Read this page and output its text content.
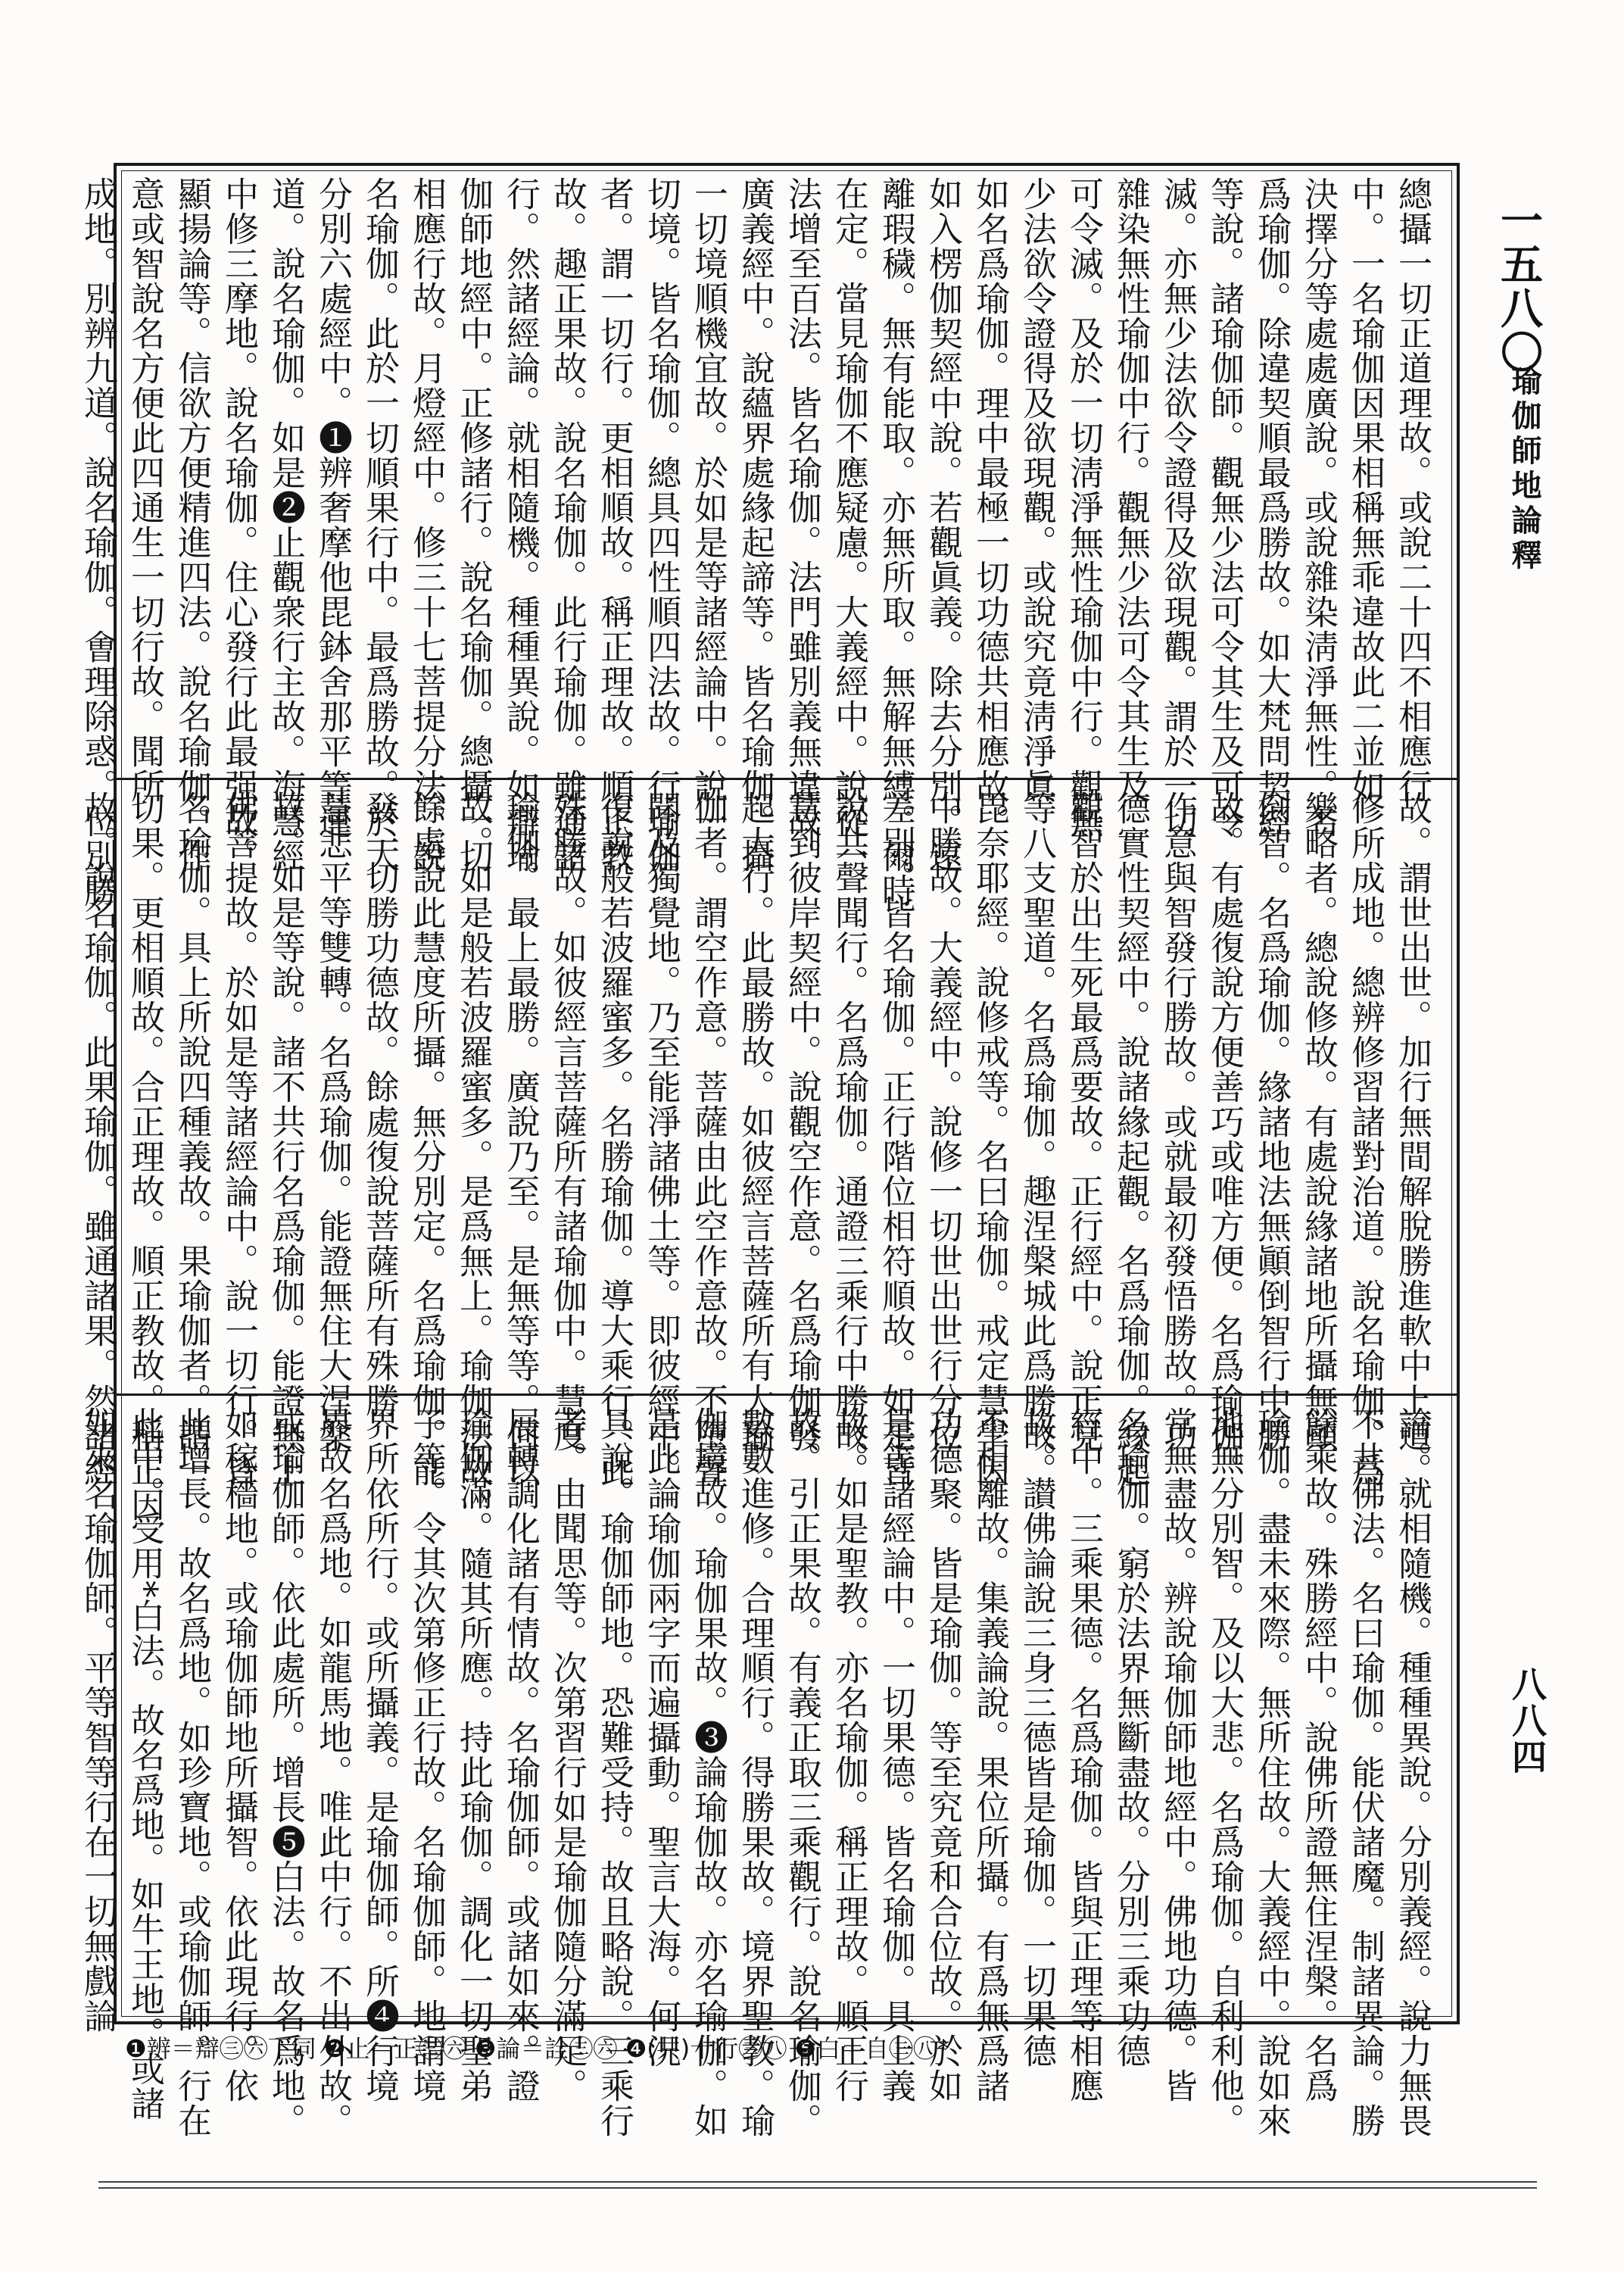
一五八〇
瑜伽師地論釋
八八四
總攝一切正道理故。或說二十四不相應行
中。一名瑜伽因果相稱無乖違故此二並如
決擇分等處處廣說。或說雜染淸淨無性。名
爲瑜伽。除違契順最爲勝故。如大梵問契經
等說。諸瑜伽師。觀無少法可令其生及可令
滅。亦無少法欲令證得及欲現觀。謂於一切
雜染無性瑜伽中行。觀無少法可令其生及
可令滅。及於一切淸淨無性瑜伽中行。觀無
少法欲令證得及欲現觀。或說究竟淸淨眞
如名爲瑜伽。理中最極一切功德共相應故。
如入楞伽契經中說。若觀眞義。除去分別。遠
離瑕穢。無有能取。亦無所取。無解無縛。爾時
在定。當見瑜伽不應疑慮。大義經中。說從一
法增至百法。皆名瑜伽。法門雖別義無違故。
廣義經中。說蘊界處緣起諦等。皆名瑜伽。攝
一切境順機宜故。於如是等諸經論中。說一
切境。皆名瑜伽。總具四性順四法故。行瑜伽
者。謂一切行。更相順故。稱正理故。順正教
故。趣正果故。說名瑜伽。此行瑜伽。雖通諸
行。然諸經論。就相隨機。種種異說。如辯瑜
伽師地經中。正修諸行。說名瑜伽。總攝一切
相應行故。月燈經中。修三十七菩提分法。說
名瑜伽。此於一切順果行中。最爲勝故。於大
分別六處經中。❶辨奢摩他毘鉢舍那平等運
道。說名瑜伽。如是❷止觀衆行主故。海慧經
中修三摩地。說名瑜伽。住心發行此最强故。
顯揚論等。信欲方便精進四法。說名瑜伽。作
意或智說名方便此四通生一切行故。聞所
成地。別辨九道。說名瑜伽。㑹理除惑。位別勝
故。謂世出世。加行無間解脫勝進軟中上道。
修所成地。總辨修習諸對治道。說名瑜伽。爲
樂略者。總說修故。有處說緣諸地所攝無顚
倒智。名爲瑜伽。緣諸地法無顚倒智行中勝
故。有處復說方便善巧或唯方便。名爲瑜伽。
作意與智發行勝故。或就最初發悟勝故。功
德實性契經中。說諸緣起觀。名爲瑜伽。緣起
觀智於出生死最爲要故。正行經中。說正見
等八支聖道。名爲瑜伽。趣涅槃城此爲勝故。
毘奈耶經。說修戒等。名曰瑜伽。戒定慧學因
中勝故。大義經中。說修一切世出世行分位
差別。皆名瑜伽。正行階位相符順故。如是皆
說共聲聞行。名爲瑜伽。通證三乘行中勝故。
慧到彼岸契經中。說觀空作意。名爲瑜伽發
起大行。此最勝故。如彼經言菩薩所有大瑜
伽者。謂空作意。菩薩由此空作意故。不墮聲
聞及獨覺地。乃至能淨諸佛土等。即彼經中。
復說般若波羅蜜多。名勝瑜伽。導大乘行。此
殊勝故。如彼經言菩薩所有諸瑜伽中。慧度
瑜伽。最上最勝。廣說乃至。是無等等。何以
故。如是般若波羅蜜多。是爲無上。瑜伽法故。
餘處說此慧度所攝。無分別定。名爲瑜伽。能
發一切勝功德故。餘處復說菩薩所有殊勝
慧悲平等雙轉。名爲瑜伽。能證無住大涅槃
故。如是等說。諸不共行名爲瑜伽。能證無上
佛菩提故。於如是等諸經論中。說一切行。皆
名瑜伽。具上所說四種義故。果瑜伽者。謂一
切果。更相順故。合正理故。順正教故。稱正因
故。說名瑜伽。此果瑜伽。雖通諸果。然諸經
論。就相隨機。種種異說。分別義經。說力無畏
不共佛法。名曰瑜伽。能伏諸魔。制諸異論。勝
餘乘故。殊勝經中。說佛所證無住涅槃。名爲
瑜伽。盡未來際。無所住故。大義經中。說如來
地無分別智。及以大悲。名爲瑜伽。自利利他。
常無盡故。辨說瑜伽師地經中。佛地功德。皆
名瑜伽。窮於法界無斷盡故。分別三乘功德
經中。三乘果德。名爲瑜伽。皆與正理等相應
故。讃佛論說三身三德皆是瑜伽。一切果德
不相離故。集義論說。果位所攝。有爲無爲諸
功德聚。皆是瑜伽。等至究竟和合位故。於如
是等諸經論中。一切果德。皆名瑜伽。具上義
故。如是聖教。亦名瑜伽。稱正理故。順正行
故。引正果故。有義正取三乘觀行。說名瑜伽。
數數進修。合理順行。得勝果故。境界聖教。瑜
伽境故。瑜伽果故。❸論瑜伽故。亦名瑜伽。如
是此論瑜伽兩字而遍攝動。聖言大海。何況
具說。瑜伽師地。恐難受持。故且略說。三乘行
者。由聞思等。次第習行如是瑜伽隨分滿足。
展轉調化諸有情故。名瑜伽師。或諸如來。證
瑜伽滿。隨其所應。持此瑜伽。調化一切聖弟
子等。令其次第修正行故。名瑜伽師。地謂境
界所依所行。或所攝義。是瑜伽師。所❹行境
界故名爲地。如龍馬地。唯此中行。不出外故。
或瑜伽師。依此處所。增長❺白法。故名爲地。
如稼穡地。或瑜伽師地所攝智。依此現行。依
此增長。故名爲地。如珍寶地。或瑜伽師。行在
此中。受用*白法。故名爲地。如牛王地。或諸
如來名瑜伽師。平等智等行在一切無戲論
❶辨＝辯㊂㊅下同 ❷止＝正㊂㊅ ❸論＝詮㊂㊅ ❹(共)十行㊂㊇ ❺白＝自㊂㊇*
